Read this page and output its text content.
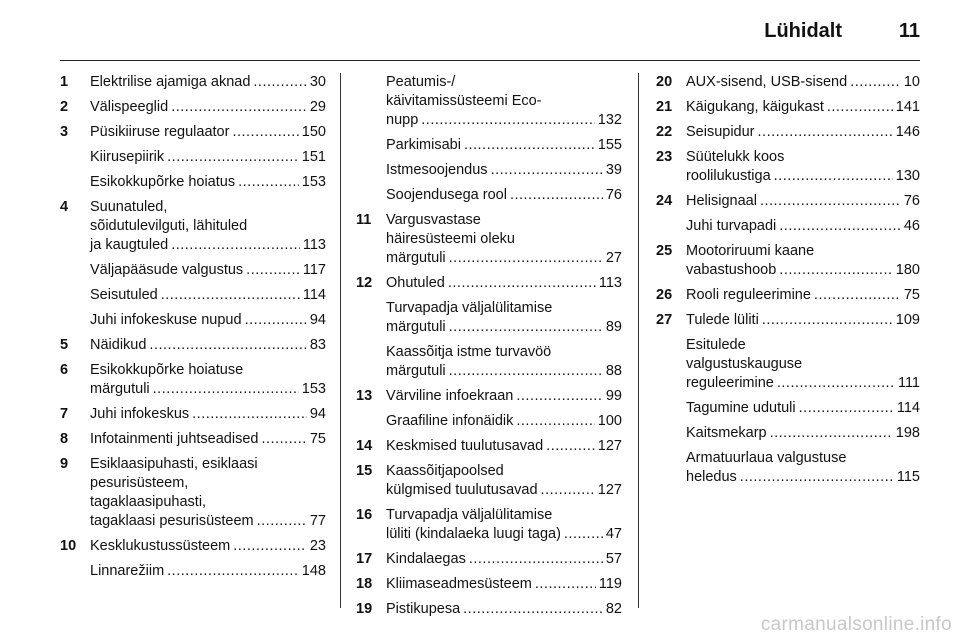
Lühidalt	11
1 Elektrilise ajamiga aknad .....	30
2 Välispeeglid .....	29
3 Püsikiiruse regulaator .....	150
Kiirusepiirik .....	151
Esikokkupõrke hoiatus .....	153
4 Suunatuled,
sõidutulevilguti, lähituled
ja kaugtuled .....	113
Väljapääsude valgustus .....	117
Seisutuled .....	114
Juhi infokeskuse nupud .....	94
5 Näidikud .....	83
6 Esikokkupõrke hoiatuse
märgutuli .....	153
7 Juhi infokeskus .....	94
8 Infotainmenti juhtseadised .....	75
9 Esiklaasipuhasti, esiklaasi
pesurisüsteem,
tagaklaasipuhasti,
tagaklaasi pesurisüsteem .....	77
10 Kesklukustussüsteem .....	23
Linnarežiim .....	148
Peatumis-/
käivitamissüsteemi Eco-
nupp .....	132
Parkimisabi .....	155
Istmesoojendus .....	39
Soojendusega rool .....	76
11 Vargusvastase
häiresüsteemi oleku
märgutuli .....	27
12 Ohutuled .....	113
Turvapadja väljalülitamise
märgutuli .....	89
Kaassõitja istme turvavöö
märgutuli .....	88
13 Värviline infoekraan .....	99
Graafiline infonäidik .....	100
14 Keskmised tuulutusavad .....	127
15 Kaassõitjapoolsed
külgmised tuulutusavad .....	127
16 Turvapadja väljalülitamise
lüliti (kindalaeka luugi taga) .....	47
17 Kindalaegas .....	57
18 Kliimaseadmesüsteem .....	119
19 Pistikupesa .....	82
20 AUX-sisend, USB-sisend .....	10
21 Käigukang, käigukast .....	141
22 Seisupidur .....	146
23 Süütelukk koos
roolilukustiga .....	130
24 Helisignaal .....	76
Juhi turvapadi .....	46
25 Mootoriruumi kaane
vabastushoob .....	180
26 Rooli reguleerimine .....	75
27 Tulede lüliti .....	109
Esitulede
valgustuskauguse
reguleerimine .....	111
Tagumine udutuli .....	114
Kaitsmekarp .....	198
Armatuurlaua valgustuse
heledus .....	115
carmanualsonline.info
